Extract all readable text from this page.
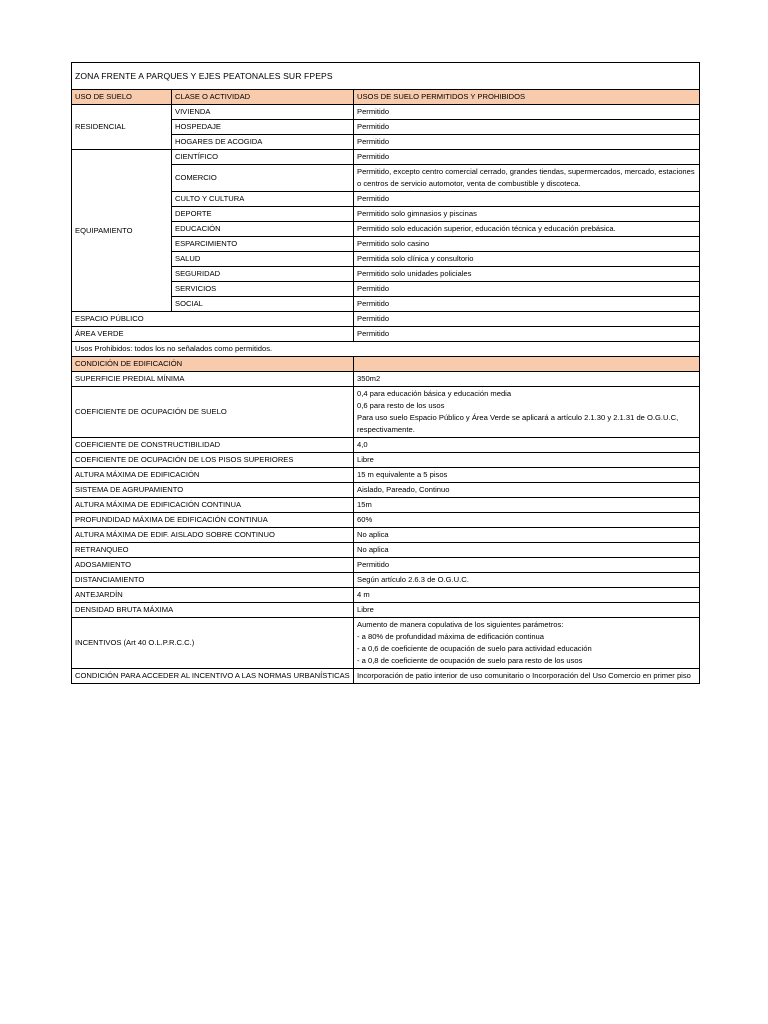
ZONA FRENTE A PARQUES Y EJES PEATONALES SUR FPEPS		
USO DE SUELO	CLASE O ACTIVIDAD	USOS DE SUELO PERMITIDOS Y PROHIBIDOS
RESIDENCIAL	VIVIENDA	Permitido
	HOSPEDAJE	Permitido
	HOGARES DE ACOGIDA	Permitido
EQUIPAMIENTO	CIENTÍFICO	Permitido
	COMERCIO	Permitido, excepto centro comercial cerrado, grandes tiendas, supermercados, mercado, estaciones o centros de servicio automotor, venta de combustible y discoteca.
	CULTO Y CULTURA	Permitido
	DEPORTE	Permitido solo gimnasios y piscinas
	EDUCACIÓN	Permitido solo educación superior, educación técnica y educación prebásica.
	ESPARCIMIENTO	Permitido solo casino
	SALUD	Permitida solo clínica y consultorio
	SEGURIDAD	Permitido solo unidades policiales
	SERVICIOS	Permitido
	SOCIAL	Permitido
ESPACIO PÚBLICO		Permitido
ÁREA VERDE		Permitido
Usos Prohibidos: todos los no señalados como permitidos.		
CONDICIÓN DE EDIFICACIÓN		
SUPERFICIE PREDIAL MÍNIMA		350m2
COEFICIENTE DE OCUPACIÓN DE SUELO		0,4 para educación básica y educación media
0,6 para resto de los usos
Para uso suelo Espacio Público y Área Verde se aplicará a artículo 2.1.30 y 2.1.31 de O.G.U.C, respectivamente.

COEFICIENTE DE CONSTRUCTIBILIDAD		4,0
COEFICIENTE DE OCUPACIÓN DE LOS PISOS SUPERIORES		Libre
ALTURA MÁXIMA DE EDIFICACIÓN		15 m equivalente a 5 pisos
SISTEMA DE AGRUPAMIENTO		Aislado, Pareado, Continuo
ALTURA MÁXIMA DE EDIFICACIÓN CONTINUA		15m
PROFUNDIDAD MÁXIMA DE EDIFICACIÓN CONTINUA		60%
ALTURA MÁXIMA DE EDIF. AISLADO SOBRE CONTINUO		No aplica
RETRANQUEO		No aplica
ADOSAMIENTO		Permitido
DISTANCIAMIENTO		Según artículo 2.6.3 de O.G.U.C.
ANTEJARDÍN		4 m
DENSIDAD BRUTA MÁXIMA		Libre
INCENTIVOS (Art 40 O.L.P.R.C.C.)		Aumento de manera copulativa de los siguientes parámetros:
- a 80% de profundidad máxima de edificación continua
- a 0,6 de coeficiente de ocupación de suelo para actividad educación
- a 0,8 de coeficiente de ocupación de suelo para resto de los usos

CONDICIÓN PARA ACCEDER AL INCENTIVO A LAS NORMAS URBANÍSTICAS		Incorporación de patio interior de uso comunitario o Incorporación del Uso Comercio en primer piso
